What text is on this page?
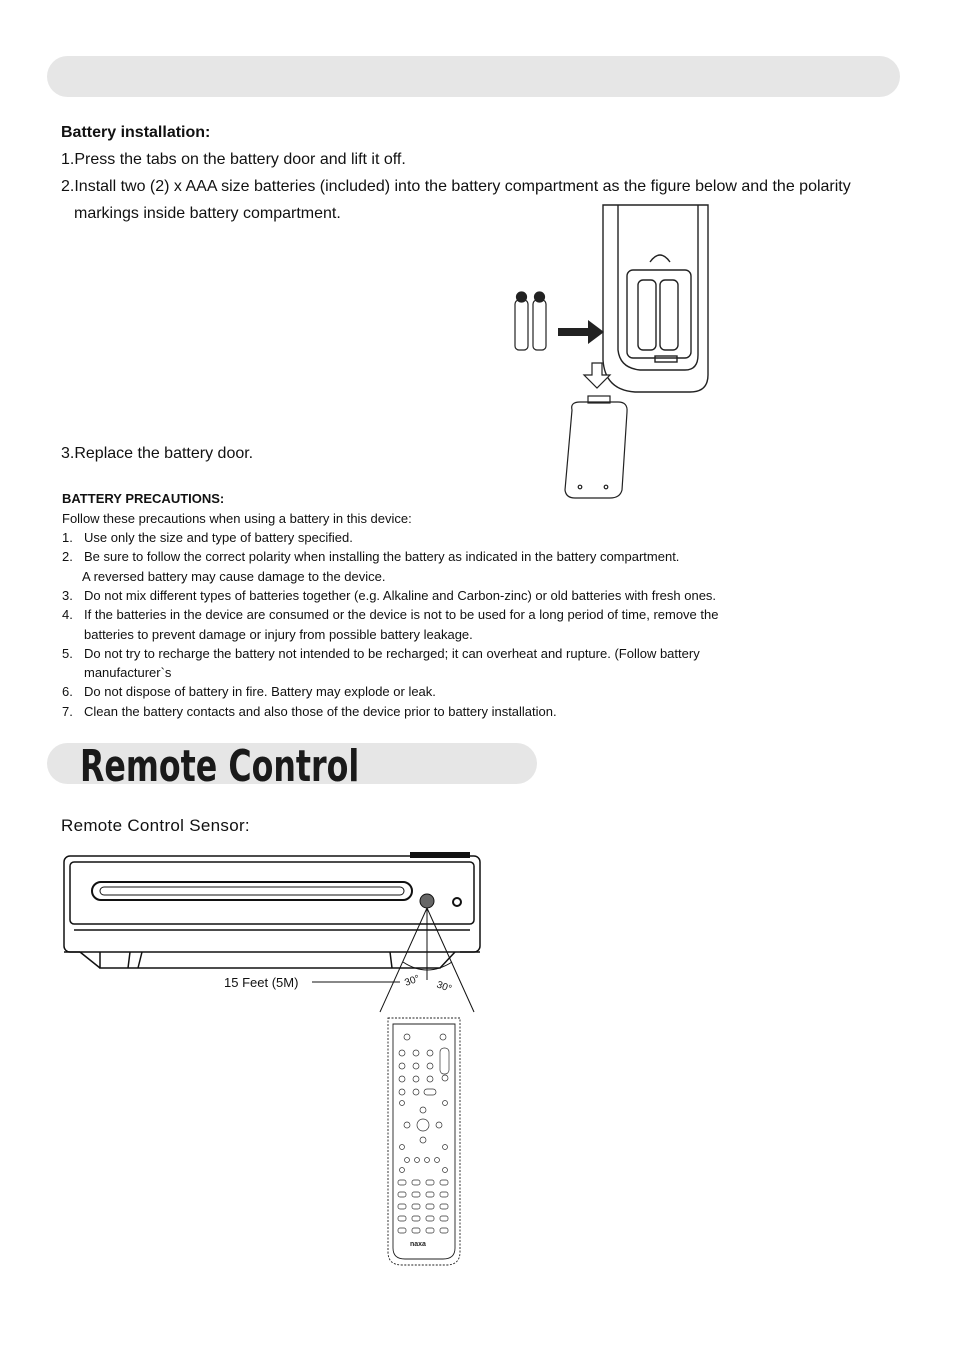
Battery installation:
1.Press the tabs on the battery door and lift it off.
2.Install two (2) x AAA size batteries (included) into the battery compartment as the figure below and the polarity
markings inside battery compartment.
3.Replace the battery door.
BATTERY PRECAUTIONS:
Follow these precautions when using a battery in this device:
1. Use only the size and type of battery specified.
2. Be sure to follow the correct polarity when installing the battery as indicated in the battery compartment.
A reversed battery may cause damage to the device.
3. Do not mix different types of batteries together (e.g. Alkaline and Carbon-zinc) or old batteries with fresh ones.
4. If the batteries in the device are consumed or the device is not to be used for a long period of time, remove the
batteries to prevent damage or injury from possible battery leakage.
5. Do not try to recharge the battery not intended to be recharged; it can overheat and rupture. (Follow battery
manufacturer`s
6. Do not dispose of battery in fire. Battery may explode or leak.
7. Clean the battery contacts and also those of the device prior to battery installation.
Remote Control
Remote Control Sensor:
30° 30°
15 Feet (5M)
naxa
